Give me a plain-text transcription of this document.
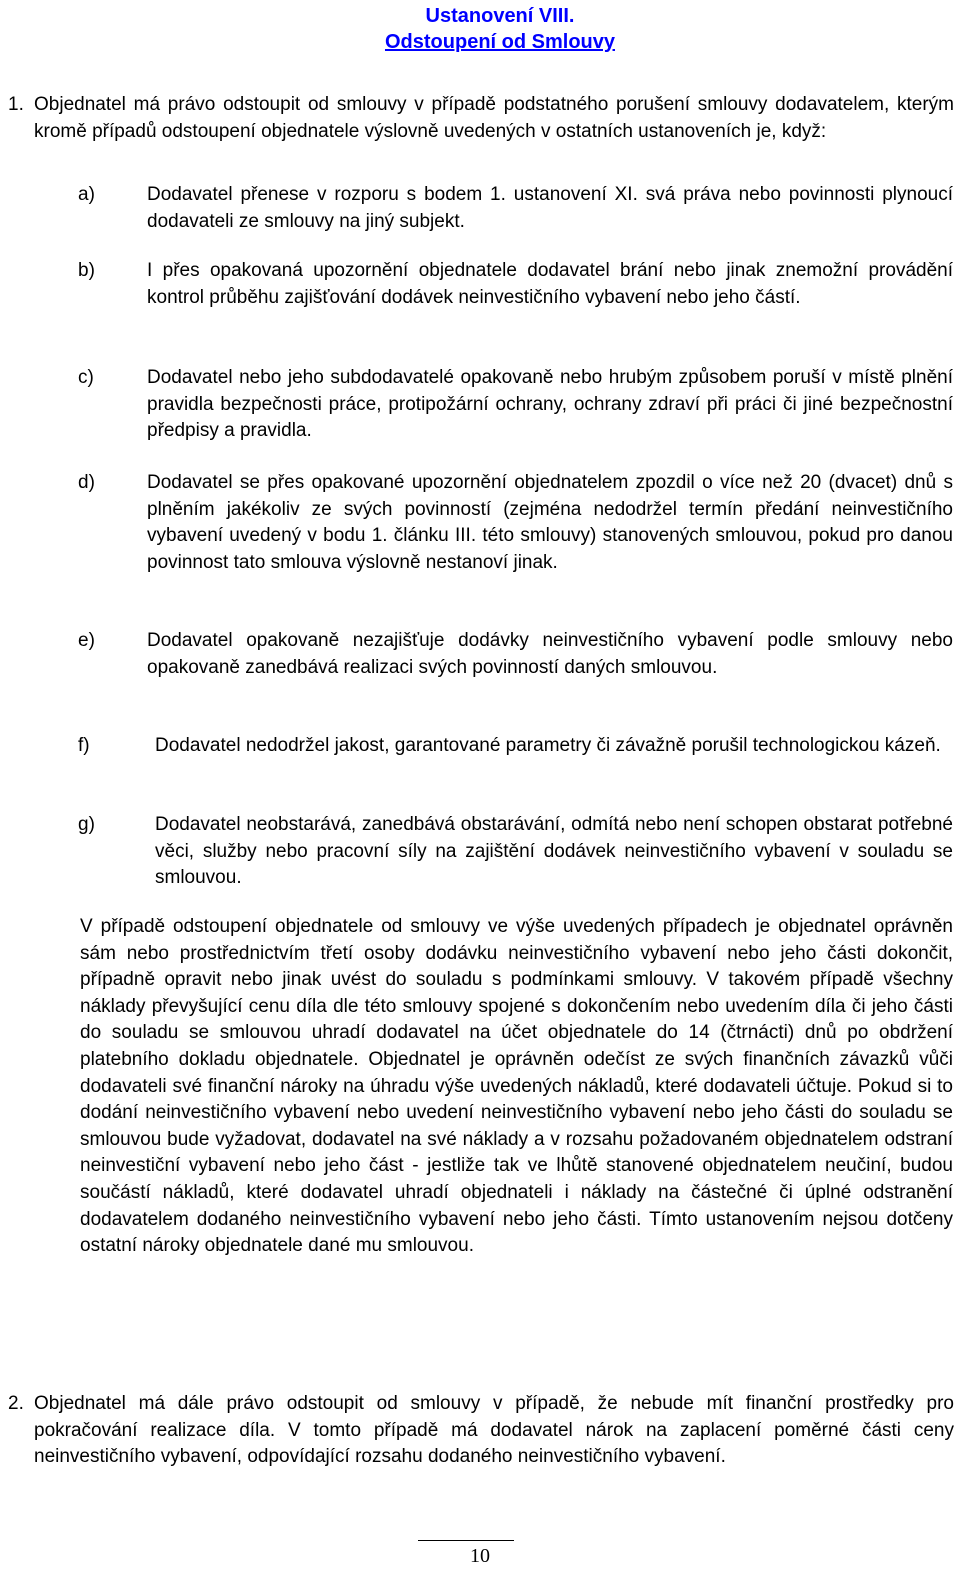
Ustanovení VIII.
Odstoupení od Smlouvy
1. Objednatel má právo odstoupit od smlouvy v případě podstatného porušení smlouvy dodavatelem, kterým kromě případů odstoupení objednatele výslovně uvedených v ostatních ustanoveních je, když:

a)	Dodavatel přenese v rozporu s bodem 1. ustanovení XI. svá práva nebo povinnosti plynoucí dodavateli ze smlouvy na jiný subjekt.

b)	I přes opakovaná upozornění objednatele dodavatel brání nebo jinak znemožní provádění kontrol průběhu zajišťování dodávek neinvestičního vybavení nebo jeho částí.

c)	Dodavatel nebo jeho subdodavatelé opakovaně nebo hrubým způsobem poruší v místě plnění pravidla bezpečnosti práce, protipožární ochrany, ochrany zdraví při práci či jiné bezpečnostní předpisy a pravidla.

d)	Dodavatel se přes opakované upozornění objednatelem zpozdil o více než 20 (dvacet) dnů s plněním jakékoliv ze svých povinností (zejména nedodržel termín předání neinvestičního vybavení uvedený v bodu 1. článku III. této smlouvy) stanovených smlouvou, pokud pro danou povinnost tato smlouva výslovně nestanoví jinak.

e)	Dodavatel opakovaně nezajišťuje dodávky neinvestičního vybavení podle smlouvy nebo opakovaně zanedbává realizaci svých povinností daných smlouvou.

f)	Dodavatel nedodržel jakost, garantované parametry či závažně porušil technologickou kázeň.

g)	Dodavatel neobstarává, zanedbává obstarávání, odmítá nebo není schopen obstarat potřebné věci, služby nebo pracovní síly na zajištění dodávek neinvestičního vybavení v souladu se smlouvou.

V případě odstoupení objednatele od smlouvy ve výše uvedených případech je objednatel oprávněn sám nebo prostřednictvím třetí osoby dodávku neinvestičního vybavení nebo jeho části dokončit, případně opravit nebo jinak uvést do souladu s podmínkami smlouvy. V takovém případě všechny náklady převyšující cenu díla dle této smlouvy spojené s dokončením nebo uvedením díla či jeho části do souladu se smlouvou uhradí dodavatel na účet objednatele do 14 (čtrnácti) dnů po obdržení platebního dokladu objednatele. Objednatel je oprávněn odečíst ze svých finančních závazků vůči dodavateli své finanční nároky na úhradu výše uvedených nákladů, které dodavateli účtuje. Pokud si to dodání neinvestičního vybavení nebo uvedení neinvestičního vybavení nebo jeho části do souladu se smlouvou bude vyžadovat, dodavatel na své náklady a v rozsahu požadovaném objednatelem odstraní neinvestiční vybavení nebo jeho část - jestliže tak ve lhůtě stanovené objednatelem neučiní, budou součástí nákladů, které dodavatel uhradí objednateli i náklady na částečné či úplné odstranění dodavatelem dodaného neinvestičního vybavení nebo jeho části. Tímto ustanovením nejsou dotčeny ostatní nároky objednatele dané mu smlouvou.

2. Objednatel má dále právo odstoupit od smlouvy v případě, že nebude mít finanční prostředky pro pokračování realizace díla. V tomto případě má dodavatel nárok na zaplacení poměrné části ceny neinvestičního vybavení, odpovídající rozsahu dodaného neinvestičního vybavení.

10
